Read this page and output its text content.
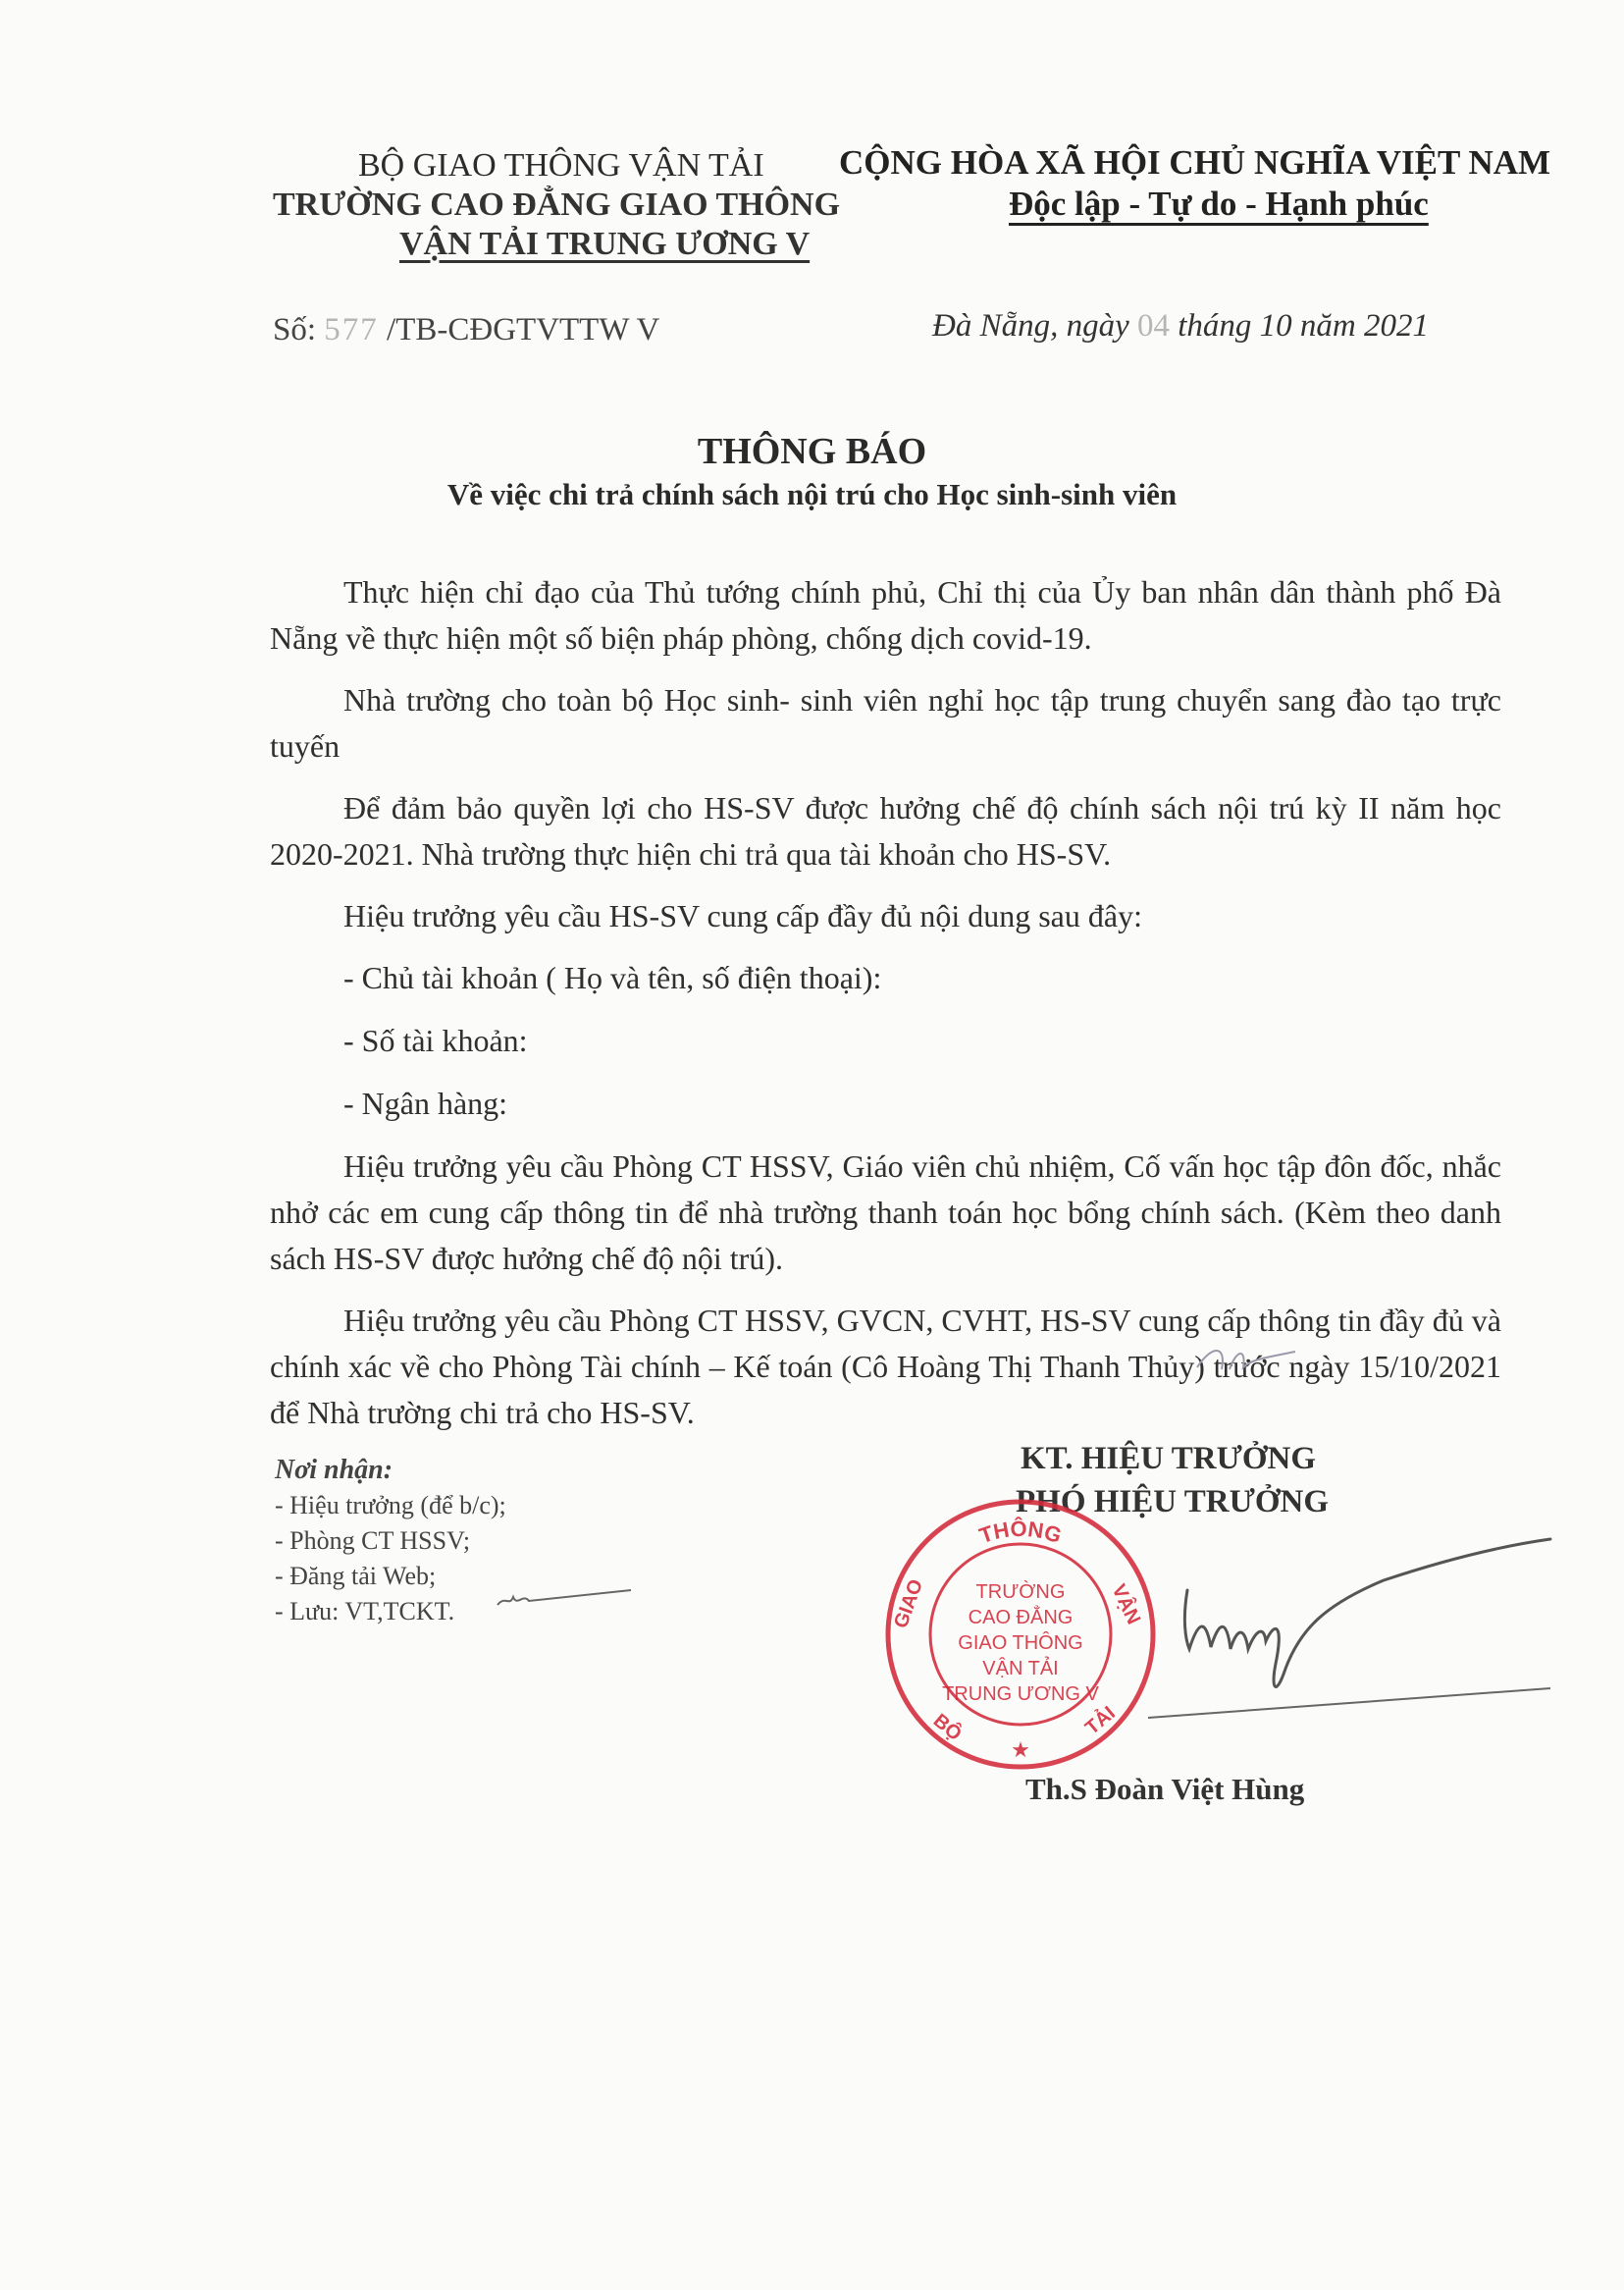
BỘ GIAO THÔNG VẬN TẢI
TRƯỜNG CAO ĐẲNG GIAO THÔNG
VẬN TẢI TRUNG ƯƠNG V
CỘNG HÒA XÃ HỘI CHỦ NGHĨA VIỆT NAM
Độc lập - Tự do - Hạnh phúc
Số: 577 /TB-CĐGTVTTW V	Đà Nẵng, ngày 04 tháng 10 năm 2021
THÔNG BÁO
Về việc chi trả chính sách nội trú cho Học sinh-sinh viên

Thực hiện chỉ đạo của Thủ tướng chính phủ, Chỉ thị của Ủy ban nhân dân thành phố Đà Nẵng về thực hiện một số biện pháp phòng, chống dịch covid-19.

Nhà trường cho toàn bộ Học sinh- sinh viên nghỉ học tập trung chuyển sang đào tạo trực tuyến

Để đảm bảo quyền lợi cho HS-SV được hưởng chế độ chính sách nội trú kỳ II năm học 2020-2021. Nhà trường thực hiện chi trả qua tài khoản cho HS-SV.

Hiệu trưởng yêu cầu HS-SV cung cấp đầy đủ nội dung sau đây:

- Chủ tài khoản ( Họ và tên, số điện thoại):

- Số tài khoản:

- Ngân hàng:

Hiệu trưởng yêu cầu Phòng CT HSSV, Giáo viên chủ nhiệm, Cố vấn học tập đôn đốc, nhắc nhở các em cung cấp thông tin để nhà trường thanh toán học bổng chính sách. (Kèm theo danh sách HS-SV được hưởng chế độ nội trú).

Hiệu trưởng yêu cầu Phòng CT HSSV, GVCN, CVHT, HS-SV cung cấp thông tin đầy đủ và chính xác về cho Phòng Tài chính – Kế toán (Cô Hoàng Thị Thanh Thủy) trước ngày 15/10/2021 để Nhà trường chi trả cho HS-SV.

Nơi nhận:
- Hiệu trưởng (để b/c);
- Phòng CT HSSV;
- Đăng tải Web;
- Lưu: VT,TCKT.
KT. HIỆU TRƯỞNG
PHÓ HIỆU TRƯỞNG
THÔNG
GIAO	VẬN
BỘ	TẢI
★
TRƯỜNG
CAO ĐẲNG
GIAO THÔNG
VẬN TẢI
TRUNG ƯƠNG V
Th.S Đoàn Việt Hùng
